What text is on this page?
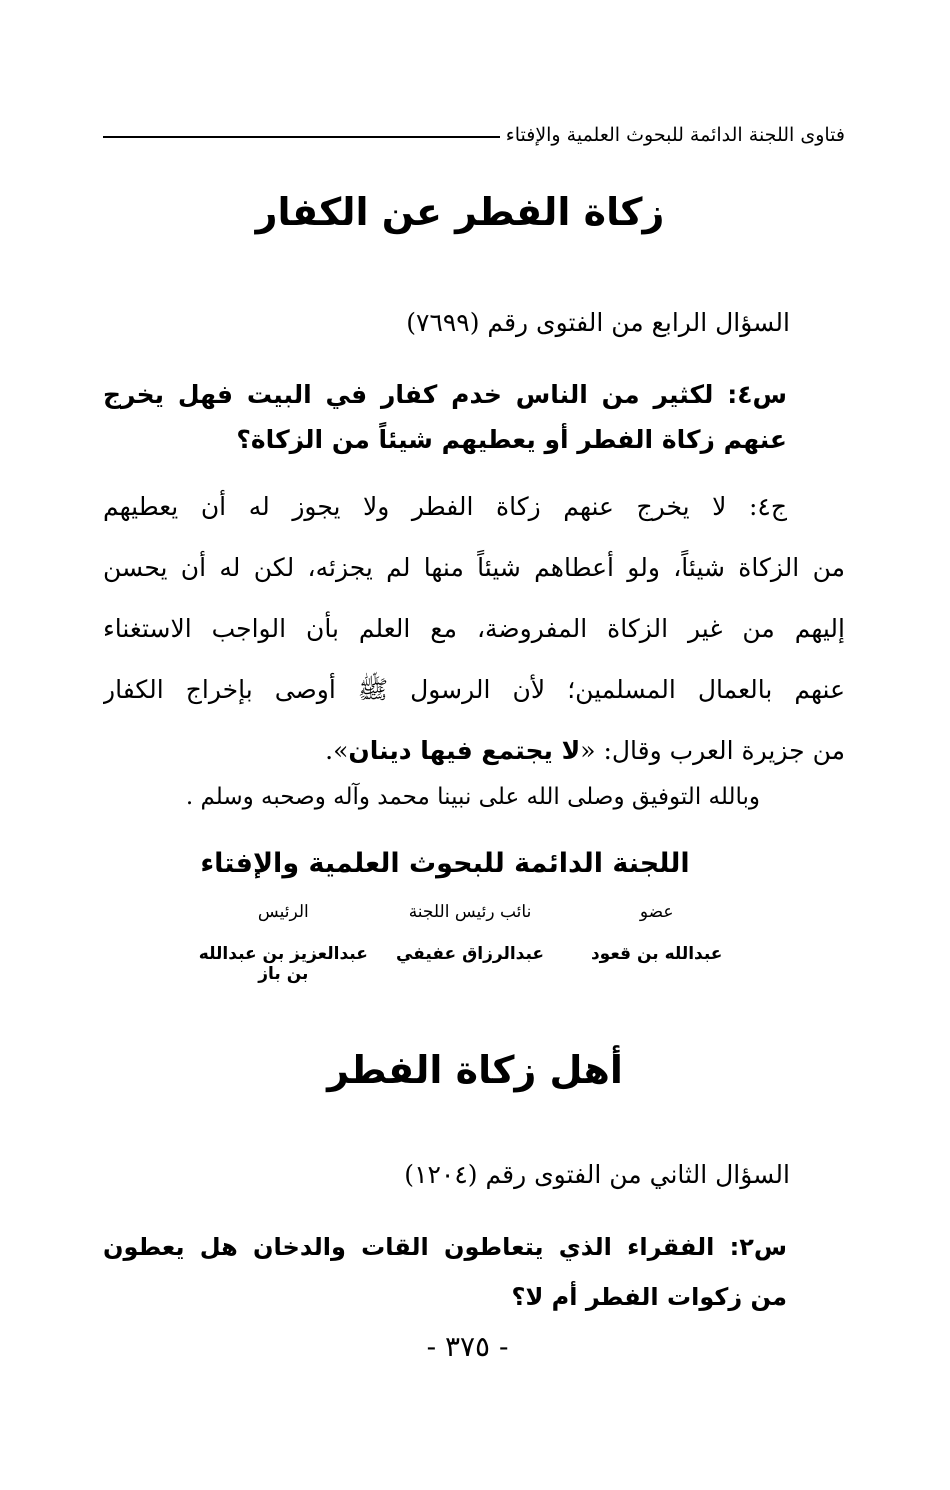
فتاوى اللجنة الدائمة للبحوث العلمية والإفتاء
زكاة الفطر عن الكفار
السؤال الرابع من الفتوى رقم (٧٦٩٩)
س٤: لكثير من الناس خدم كفار في البيت فهل يخرج
عنهم زكاة الفطر أو يعطيهم شيئاً من الزكاة؟
ج٤: لا يخرج عنهم زكاة الفطر ولا يجوز له أن يعطيهم
من الزكاة شيئاً، ولو أعطاهم شيئاً منها لم يجزئه، لكن له أن يحسن
إليهم من غير الزكاة المفروضة، مع العلم بأن الواجب الاستغناء
عنهم بالعمال المسلمين؛ لأن الرسول ﷺ أوصى بإخراج الكفار
من جزيرة العرب وقال: «لا يجتمع فيها دينان».
وبالله التوفيق وصلى الله على نبينا محمد وآله وصحبه وسلم .
اللجنة الدائمة للبحوث العلمية والإفتاء
عضو
نائب رئيس اللجنة
الرئيس
عبدالله بن قعود
عبدالرزاق عفيفي
عبدالعزيز بن عبدالله بن باز
أهل زكاة الفطر
السؤال الثاني من الفتوى رقم (١٢٠٤)
س٢: الفقراء الذي يتعاطون القات والدخان هل يعطون
من زكوات الفطر أم لا؟
- ٣٧٥ -
